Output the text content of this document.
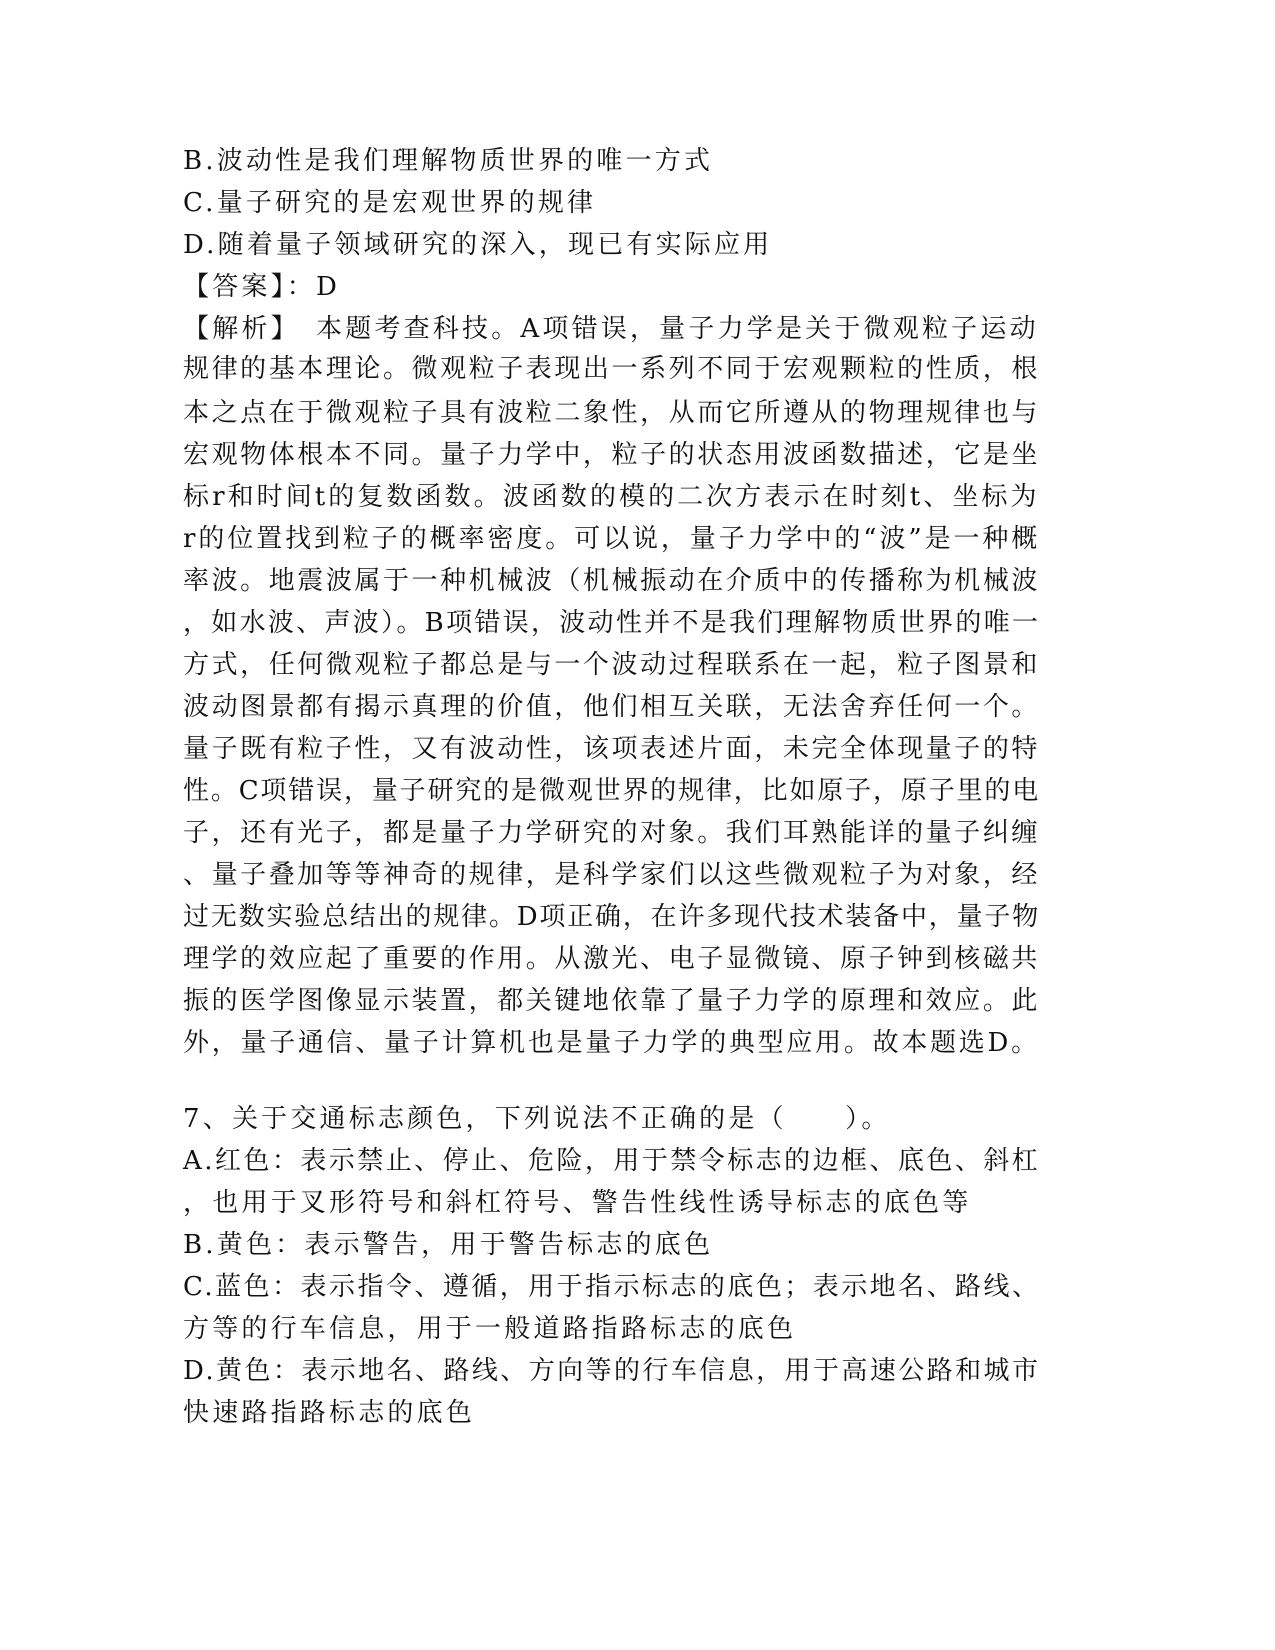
B.波动性是我们理解物质世界的唯一方式
C.量子研究的是宏观世界的规律
D.随着量子领域研究的深入，现已有实际应用
【答案】：D
【解析】　本题考查科技。A项错误，量子力学是关于微观粒子运动
规律的基本理论。微观粒子表现出一系列不同于宏观颗粒的性质，根
本之点在于微观粒子具有波粒二象性，从而它所遵从的物理规律也与
宏观物体根本不同。量子力学中，粒子的状态用波函数描述，它是坐
标r和时间t的复数函数。波函数的模的二次方表示在时刻t、坐标为
r的位置找到粒子的概率密度。可以说，量子力学中的“波”是一种概
率波。地震波属于一种机械波（机械振动在介质中的传播称为机械波
，如水波、声波）。B项错误，波动性并不是我们理解物质世界的唯一
方式，任何微观粒子都总是与一个波动过程联系在一起，粒子图景和
波动图景都有揭示真理的价值，他们相互关联，无法舍弃任何一个。
量子既有粒子性，又有波动性，该项表述片面，未完全体现量子的特
性。C项错误，量子研究的是微观世界的规律，比如原子，原子里的电
子，还有光子，都是量子力学研究的对象。我们耳熟能详的量子纠缠
、量子叠加等等神奇的规律，是科学家们以这些微观粒子为对象，经
过无数实验总结出的规律。D项正确，在许多现代技术装备中，量子物
理学的效应起了重要的作用。从激光、电子显微镜、原子钟到核磁共
振的医学图像显示装置，都关键地依靠了量子力学的原理和效应。此
外，量子通信、量子计算机也是量子力学的典型应用。故本题选D。
7、关于交通标志颜色，下列说法不正确的是（　　）。
A.红色：表示禁止、停止、危险，用于禁令标志的边框、底色、斜杠
，也用于叉形符号和斜杠符号、警告性线性诱导标志的底色等
B.黄色：表示警告，用于警告标志的底色
C.蓝色：表示指令、遵循，用于指示标志的底色；表示地名、路线、
方等的行车信息，用于一般道路指路标志的底色
D.黄色：表示地名、路线、方向等的行车信息，用于高速公路和城市
快速路指路标志的底色
